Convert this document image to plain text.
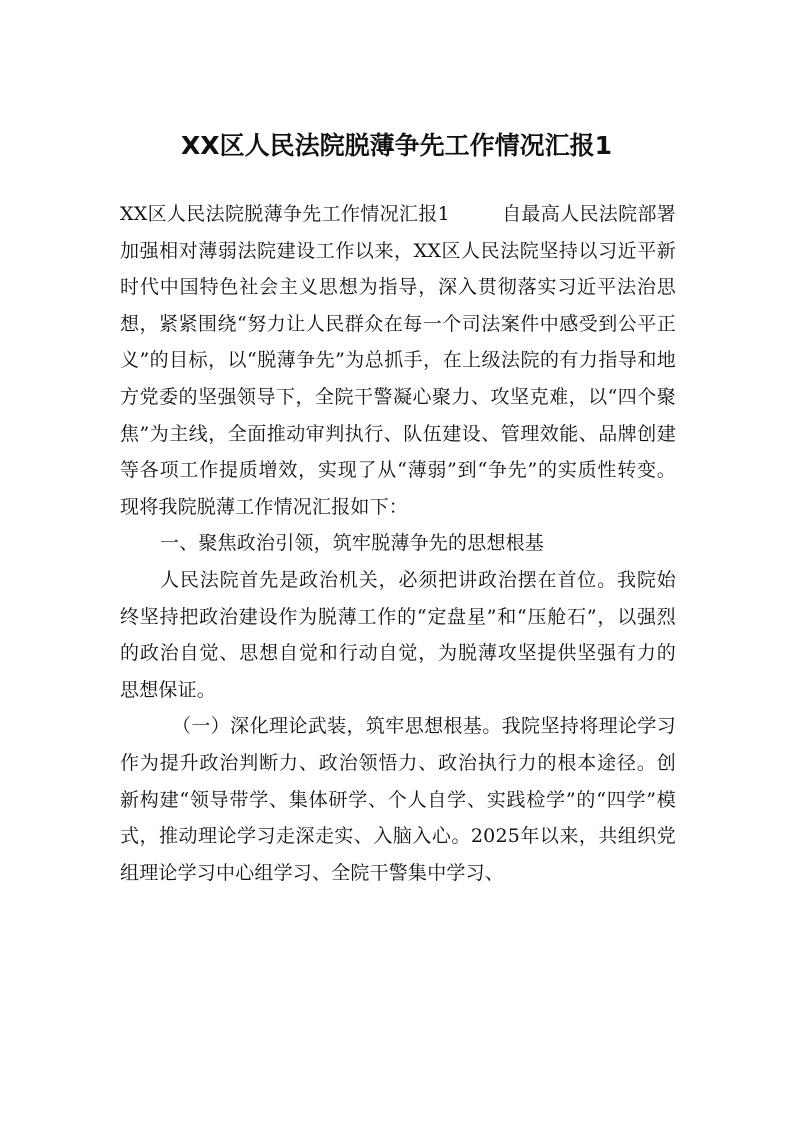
XX区人民法院脱薄争先工作情况汇报1

XX区人民法院脱薄争先工作情况汇报1	自最高人民法院部署加强相对薄弱法院建设工作以来，XX区人民法院坚持以习近平新时代中国特色社会主义思想为指导，深入贯彻落实习近平法治思想，紧紧围绕“努力让人民群众在每一个司法案件中感受到公平正义”的目标，以“脱薄争先”为总抓手，在上级法院的有力指导和地方党委的坚强领导下，全院干警凝心聚力、攻坚克难，以“四个聚焦”为主线，全面推动审判执行、队伍建设、管理效能、品牌创建等各项工作提质增效，实现了从“薄弱”到“争先”的实质性转变。现将我院脱薄工作情况汇报如下：

一、聚焦政治引领，筑牢脱薄争先的思想根基

人民法院首先是政治机关，必须把讲政治摆在首位。我院始终坚持把政治建设作为脱薄工作的“定盘星”和“压舱石”，以强烈的政治自觉、思想自觉和行动自觉，为脱薄攻坚提供坚强有力的思想保证。

（一）深化理论武装，筑牢思想根基。我院坚持将理论学习作为提升政治判断力、政治领悟力、政治执行力的根本途径。创新构建“领导带学、集体研学、个人自学、实践检学”的“四学”模式，推动理论学习走深走实、入脑入心。2025年以来，共组织党组理论学习中心组学习、全院干警集中学习、
